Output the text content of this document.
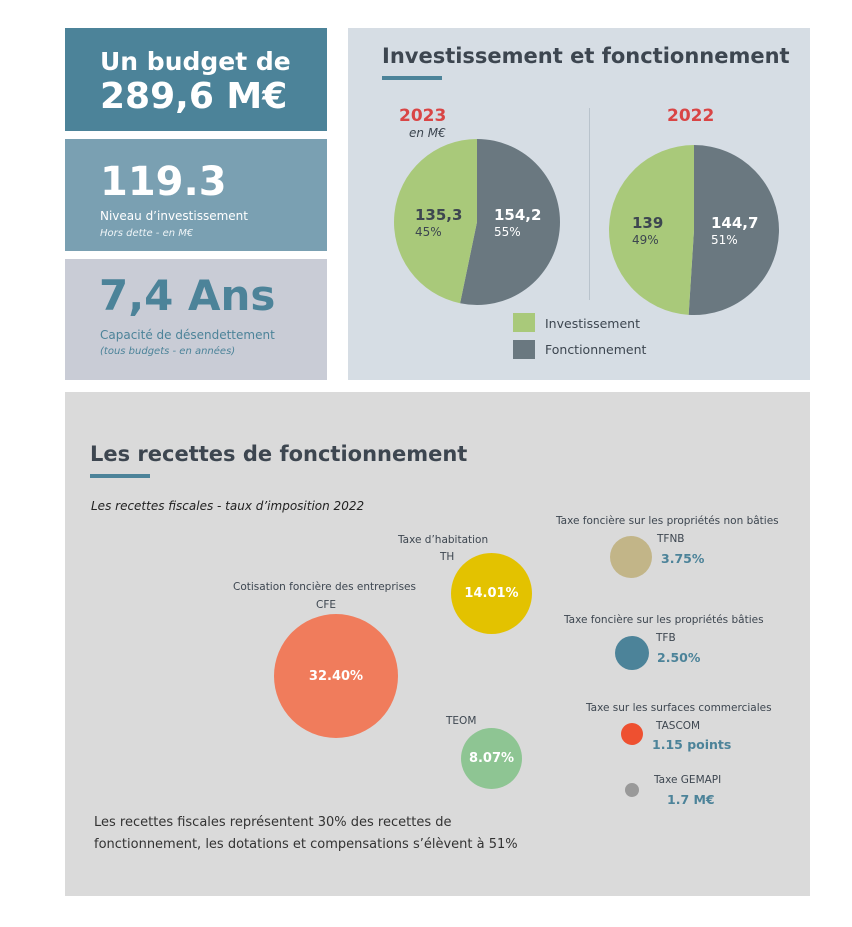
Un budget de
289,6 M€
119.3
Niveau d’investissement
Hors dette - en M€
7,4 Ans
Capacité de désendettement
(tous budgets - en années)
Investissement et fonctionnement
2023
en M€
2022
135,3
45%
154,2
55%	139
49%
144,7
51%
Investissement
Fonctionnement
Les recettes de fonctionnement
Les recettes fiscales - taux d’imposition 2022
Cotisation foncière des entreprises
CFE
32.40%
Taxe d’habitation
TH
14.01%
TEOM
8.07%
Taxe foncière sur les propriétés non bâties
TFNB
3.75%
Taxe foncière sur les propriétés bâties
TFB
2.50%
Taxe sur les surfaces commerciales
TASCOM
1.15 points
Taxe GEMAPI
1.7 M€
Les recettes fiscales représentent 30% des recettes de
fonctionnement, les dotations et compensations s’élèvent à 51%
